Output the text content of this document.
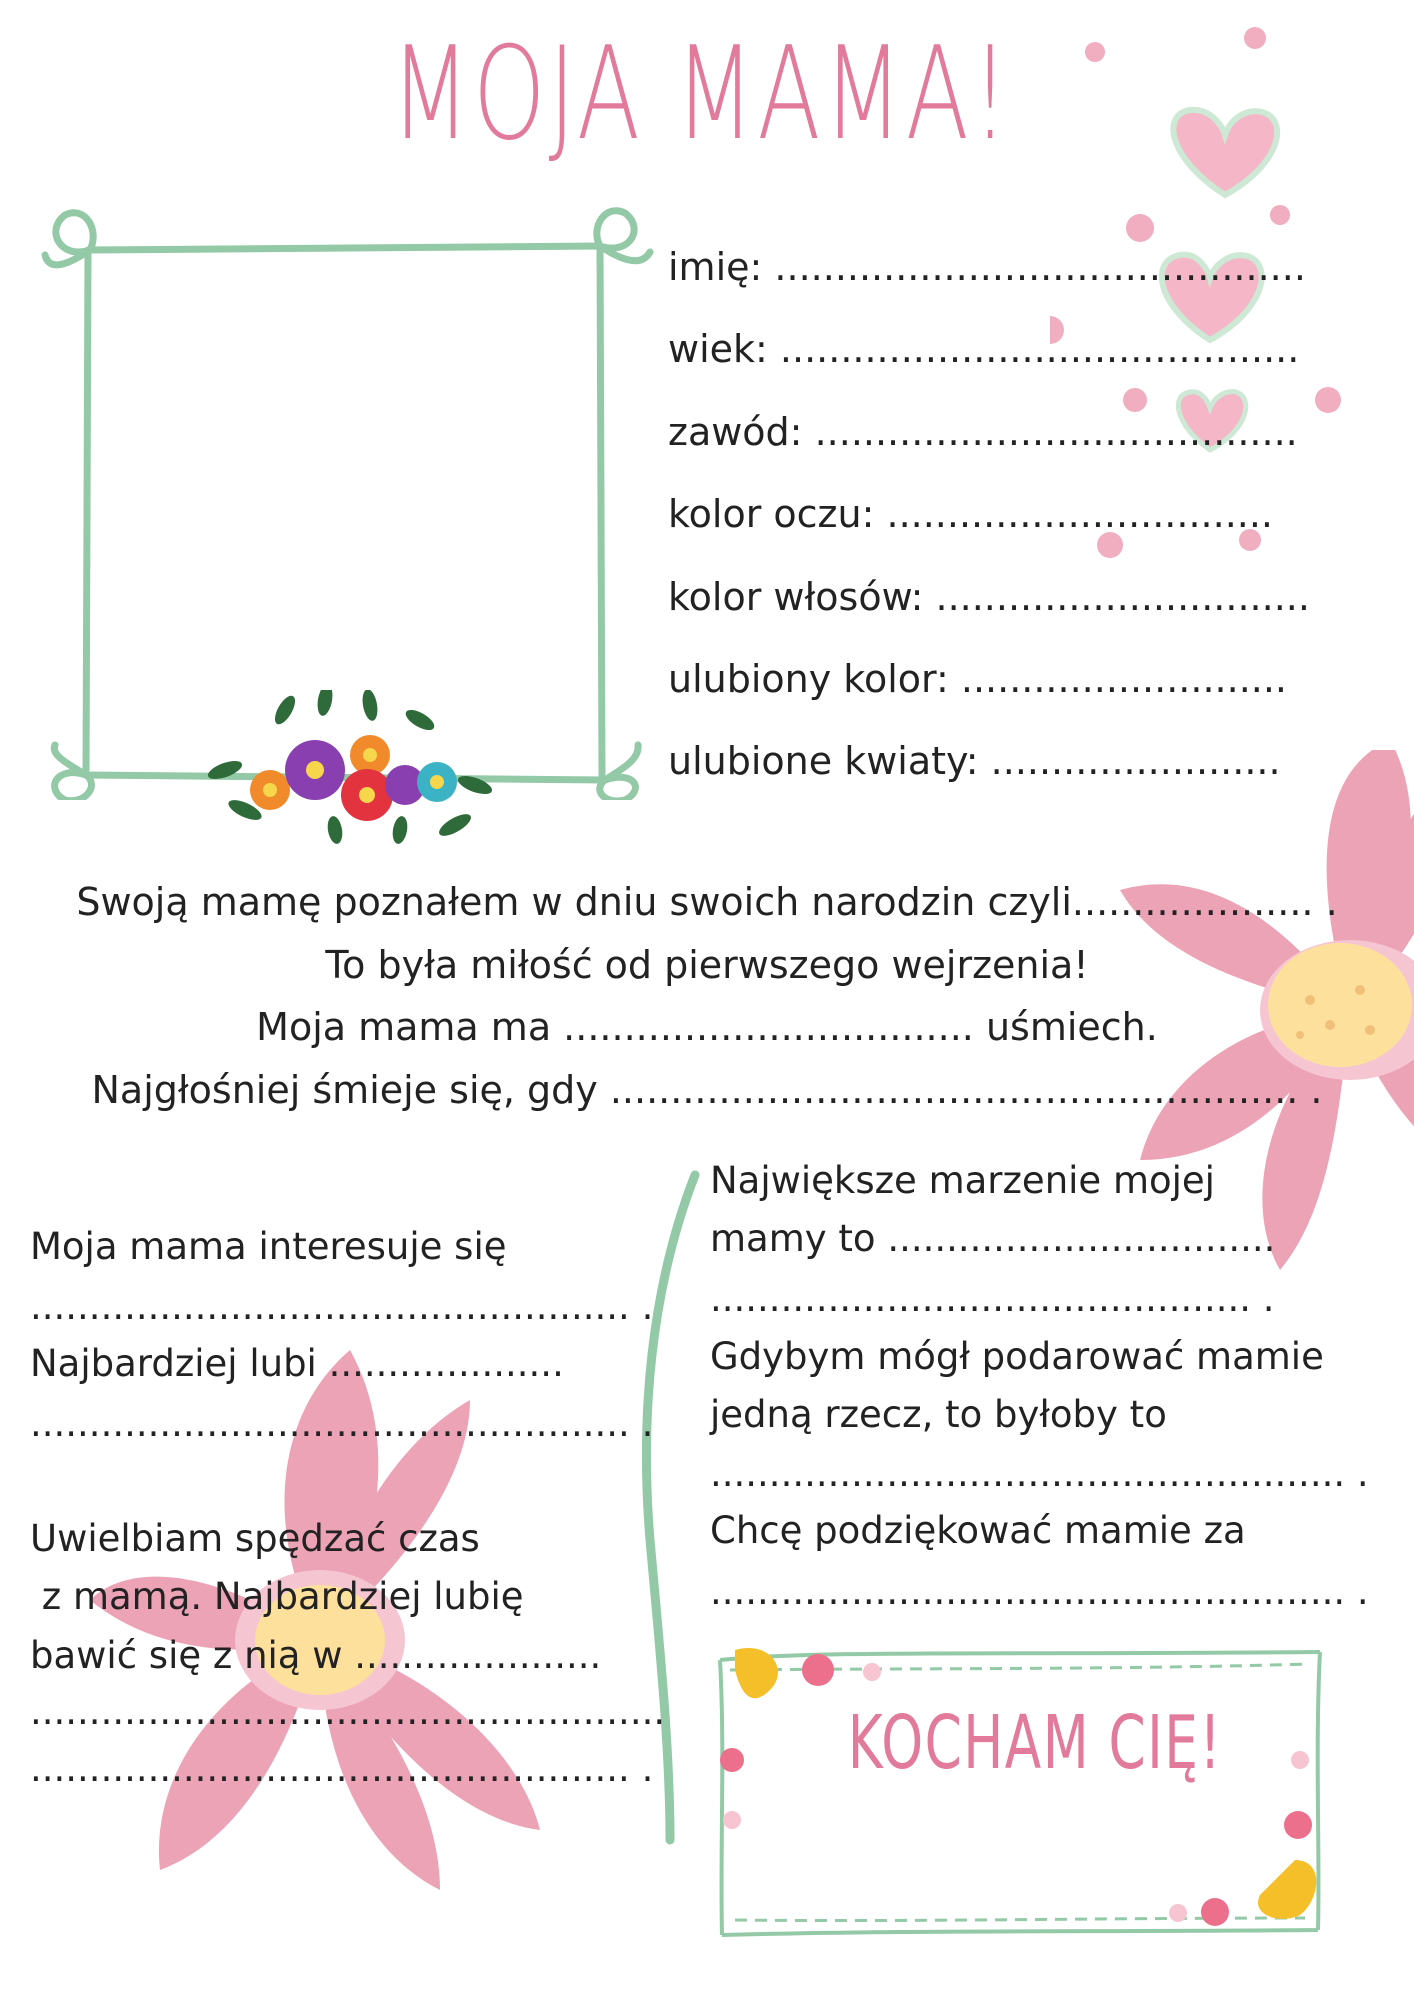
MOJA MAMA!
imię: ............................................
wiek: ...........................................
zawód: ........................................
kolor oczu: ................................
kolor włosów: ...............................
ulubiony kolor: ...........................
ulubione kwiaty: ........................
Swoją mamę poznałem w dniu swoich narodzin czyli.................... .
To była miłość od pierwszego wejrzenia!
Moja mama ma .................................. uśmiech.
Najgłośniej śmieje się, gdy ......................................................... .
Moja mama interesuje się
................................................... .
Najbardziej lubi ....................
................................................... .
Uwielbiam spędzać czas
z mamą. Najbardziej lubię
bawić się z nią w .....................
......................................................
................................................... .
Największe marzenie mojej
mamy to .................................
.............................................. .
Gdybym mógł podarować mamie
jedną rzecz, to byłoby to
...................................................... .
Chcę podziękować mamie za
...................................................... .
KOCHAM CIĘ!
